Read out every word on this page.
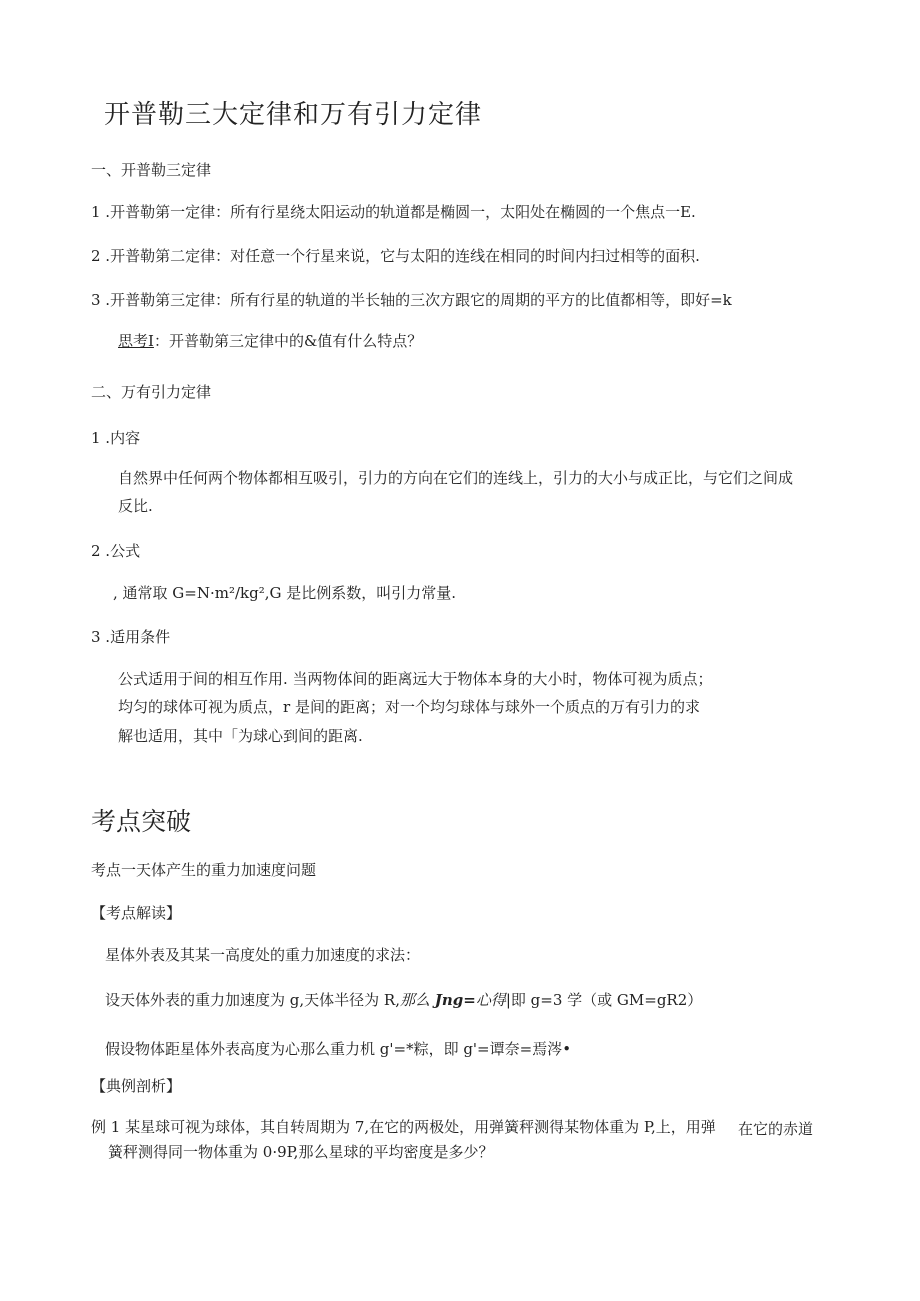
开普勒三大定律和万有引力定律

一、开普勒三定律

1 .开普勒第一定律：所有行星绕太阳运动的轨道都是椭圆一，太阳处在椭圆的一个焦点一E.

2 .开普勒第二定律：对任意一个行星来说，它与太阳的连线在相同的时间内扫过相等的面积.

3 .开普勒第三定律：所有行星的轨道的半长轴的三次方跟它的周期的平方的比值都相等，即好=k

思考I：开普勒第三定律中的&值有什么特点？

二、万有引力定律

1 .内容

自然界中任何两个物体都相互吸引，引力的方向在它们的连线上，引力的大小与成正比，与它们之间成

反比.

2 .公式

, 通常取 G=N·m²/kg²,G 是比例系数，叫引力常量.

3 .适用条件

公式适用于间的相互作用. 当两物体间的距离远大于物体本身的大小时，物体可视为质点；

均匀的球体可视为质点，r 是间的距离；对一个均匀球体与球外一个质点的万有引力的求

解也适用，其中「为球心到间的距离.

考点突破

考点一天体产生的重力加速度问题

【考点解读】

星体外表及其某一高度处的重力加速度的求法：

设天体外表的重力加速度为 g,天体半径为 R,那么 Jng=心得|即 g=3 学（或 GM=gR2）

假设物体距星体外表高度为心那么重力机 g'=*粽，即 g'=谭奈=焉涔•

【典例剖析】

例 1 某星球可视为球体，其自转周期为 7,在它的两极处，用弹簧秤测得某物体重为 P,上，用弹 在它的赤道

簧秤测得同一物体重为 0·9P,那么星球的平均密度是多少？
